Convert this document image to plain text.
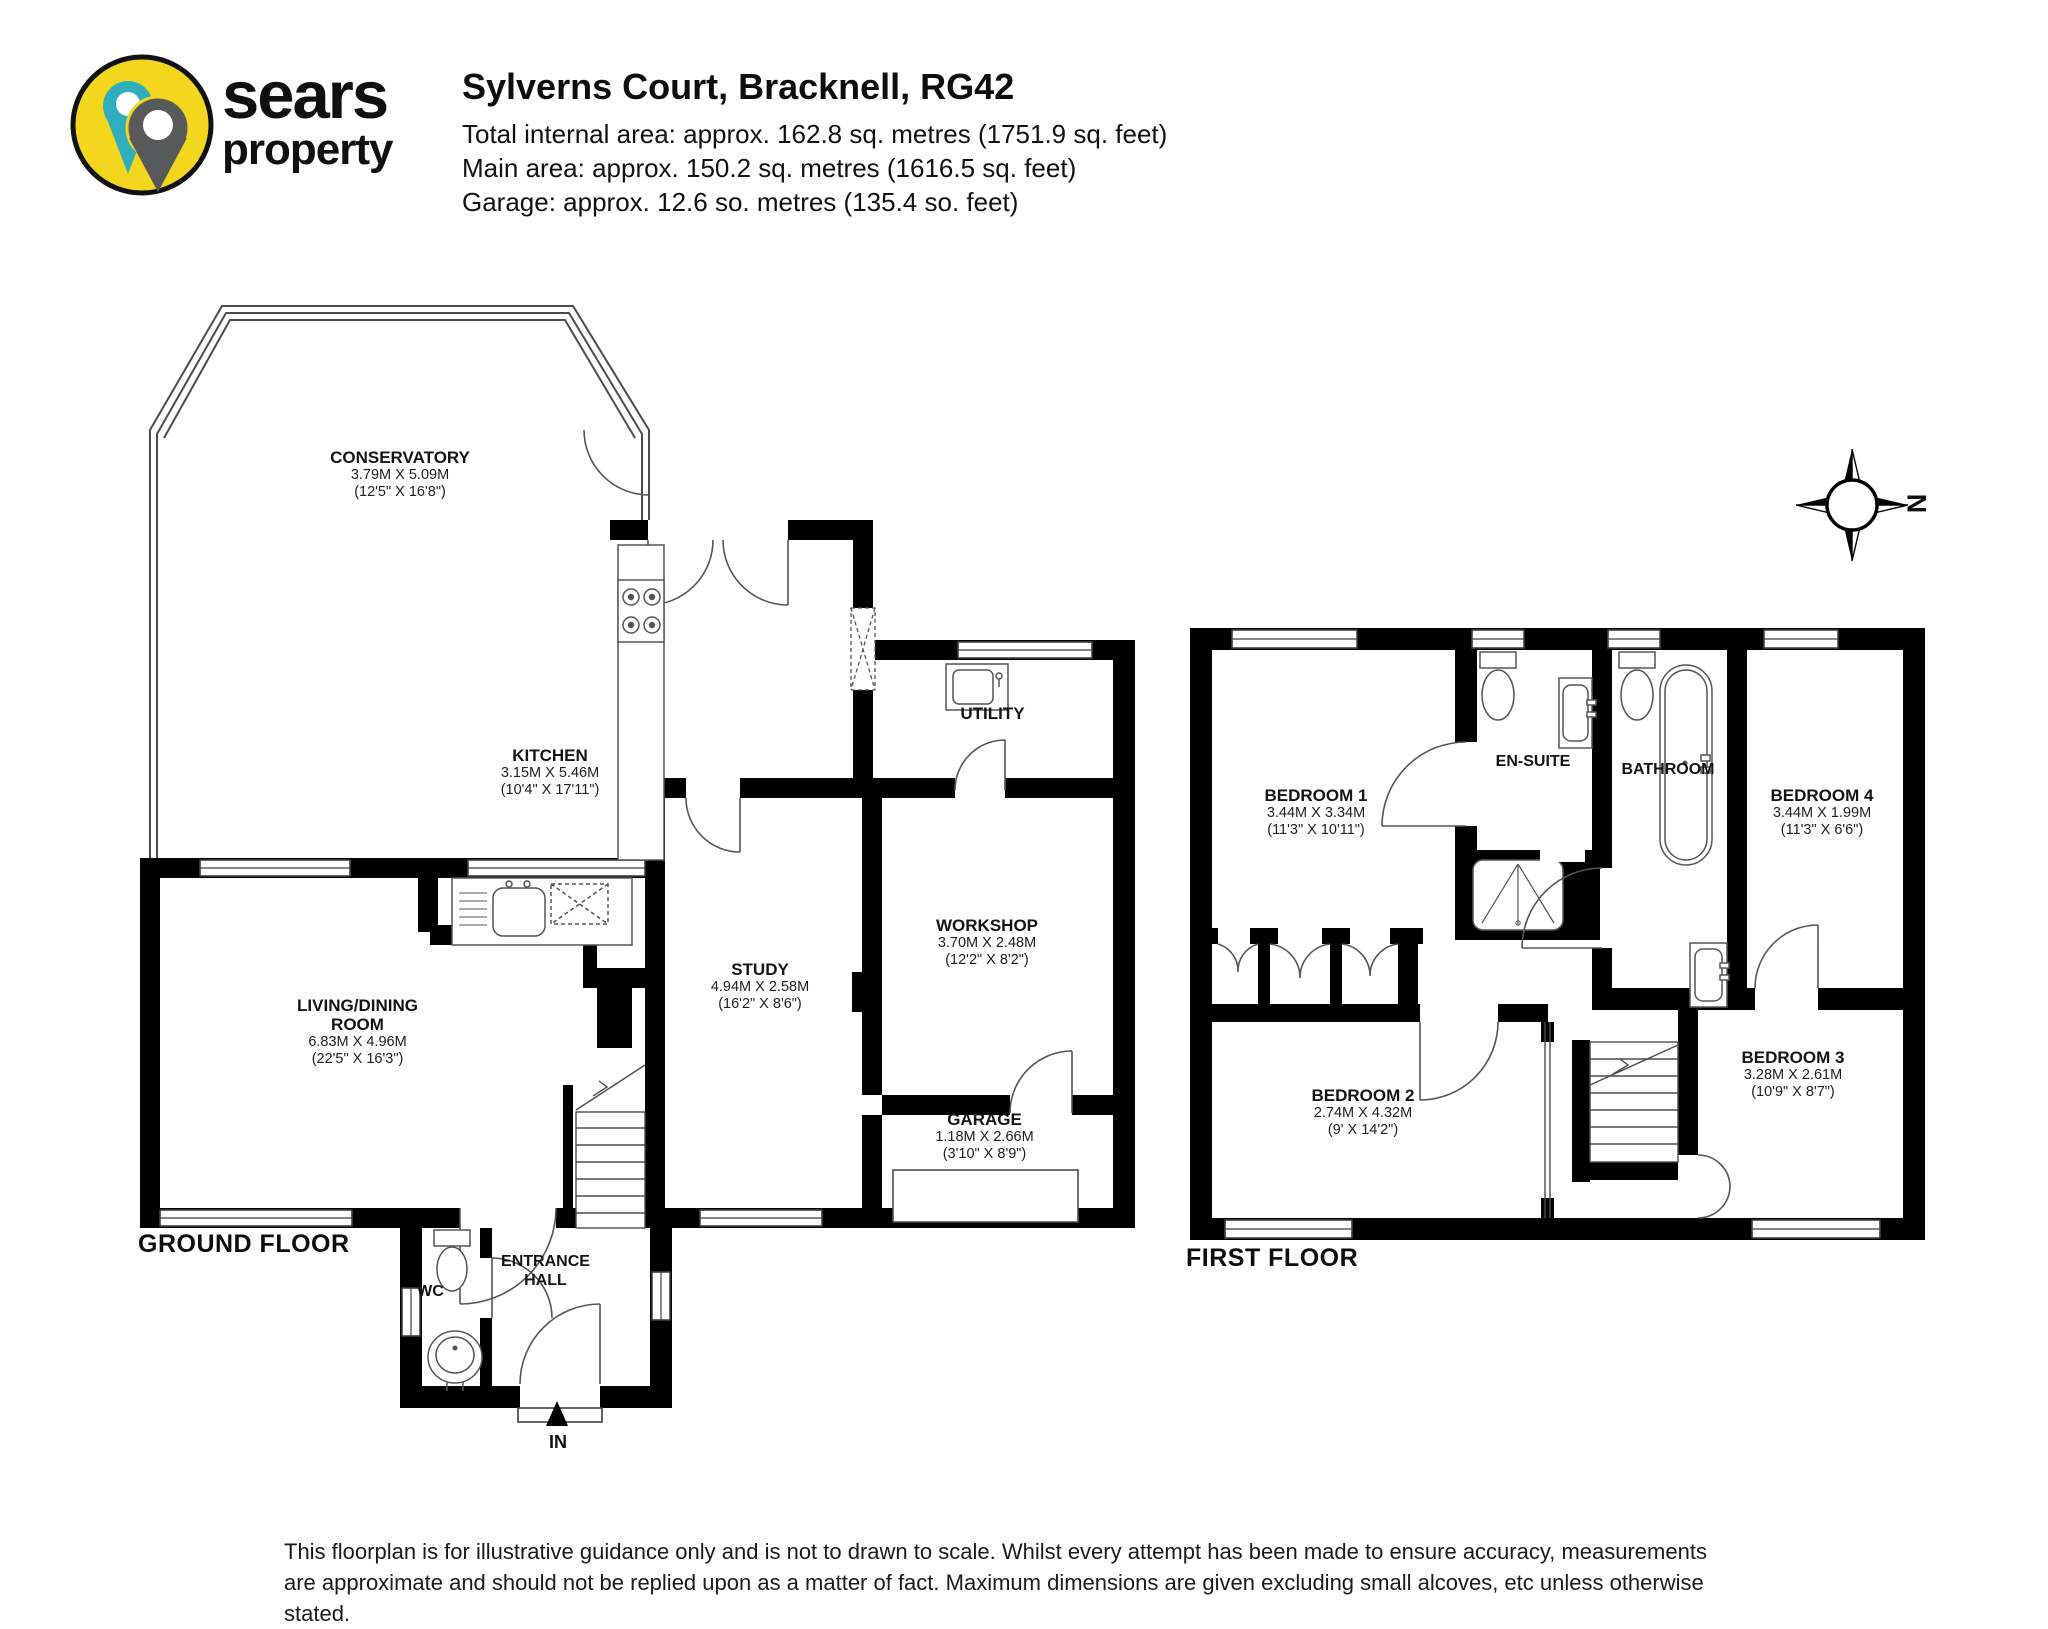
sears
property
Sylverns Court, Bracknell, RG42
Total internal area: approx. 162.8 sq. metres (1751.9 sq. feet)
Main area: approx. 150.2 sq. metres (1616.5 sq. feet)
Garage: approx. 12.6 so. metres (135.4 so. feet)
N
CONSERVATORY
3.79M X 5.09M
(12'5" X 16'8")
KITCHEN
3.15M X 5.46M
(10'4" X 17'11")
LIVING/DINING
ROOM
6.83M X 4.96M
(22'5" X 16'3")
UTILITY
STUDY
4.94M X 2.58M
(16'2" X 8'6")
WORKSHOP
3.70M X 2.48M
(12'2" X 8'2")
GARAGE
1.18M X 2.66M
(3'10" X 8'9")
ENTRANCE
HALL
WC
GROUND FLOOR
IN
BEDROOM 1
3.44M X 3.34M
(11'3" X 10'11")
EN-SUITE	BATHROOM
BEDROOM 4
3.44M X 1.99M
(11'3" X 6'6")
BEDROOM 2
2.74M X 4.32M
(9' X 14'2")
BEDROOM 3
3.28M X 2.61M
(10'9" X 8'7")
FIRST FLOOR
This floorplan is for illustrative guidance only and is not to drawn to scale. Whilst every attempt has been made to ensure accuracy, measurements are approximate and should not be replied upon as a matter of fact. Maximum dimensions are given excluding small alcoves, etc unless otherwise stated.
